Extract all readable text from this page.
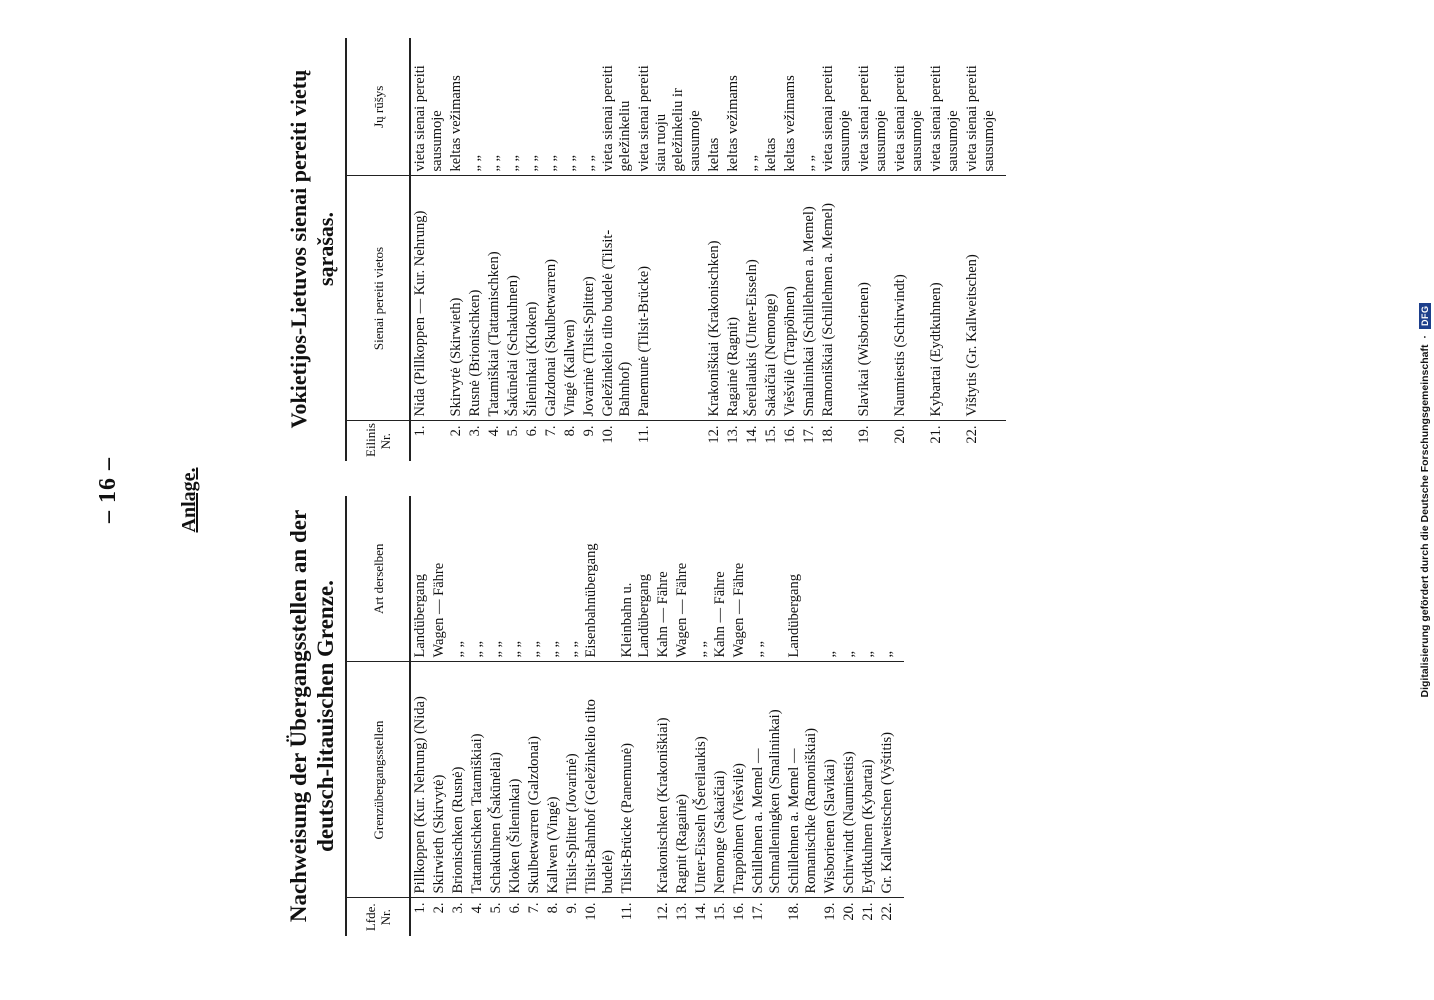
– 16 –	Anlage.
Nachweisung der Übergangsstellen an der deutsch-litauischen Grenze.
Lfde. Nr.	Grenzübergangsstellen	Art derselben
1.	Pillkoppen (Kur. Nehrung) (Nida)	Landübergang
2.	Skirwieth (Skirvytė)	Wagen — Fähre
3.	Brionischken (Rusnė)	„ „
4.	Tattamischken Tatamiškiai)	„ „
5.	Schakuhnen (Šakūnėlai)	„ „
6.	Kloken (Šileninkai)	„ „
7.	Skulbetwarren (Galzdonai)	„ „
8.	Kallwen (Vingė)	„ „
9.	Tilsit-Splitter (Jovarinė)	„ „
10.	Tilsit-Bahnhof (Geležinkelio tilto budelė)	Eisenbahnübergang
11.	Tilsit-Brücke (Panemunė)	Kleinbahn u. Landübergang
12.	Krakonischken (Krakoniškiai)	Kahn — Fähre
13.	Ragnit (Ragainė)	Wagen — Fähre
14.	Unter-Eisseln (Šereilaukis)	„ „
15.	Nemonge (Sakaičiai)	Kahn — Fähre
16.	Trappöhnen (Viešvilė)	Wagen — Fähre
17.	Schillehnen a. Memel — Schmalleningken (Smalininkai)	„ „
18.	Schillehnen a. Memel — Romanischke (Ramoniškiai)	Landübergang
19.	Wisborienen (Slavikai)	„
20.	Schirwindt (Naumiestis)	„
21.	Eydtkuhnen (Kybartai)	„
22.	Gr. Kallweitschen (Vyštitis)	„
Vokietijos-Lietuvos sienai pereiti vietų sąrašas.
Eilinis Nr.	Sienai pereiti vietos	Jų rūšys
1.	Nida (Pillkoppen — Kur. Nehrung)	vieta sienai pereiti sausumoje
2.	Skirvytė (Skirwieth)	keltas vežimams
3.	Rusnė (Brionischken)	„ „
4.	Tatamiškiai (Tattamischken)	„ „
5.	Šakūnėlai (Schakuhnen)	„ „
6.	Šileninkai (Kloken)	„ „
7.	Galzdonai (Skulbetwarren)	„ „
8.	Vingė (Kallwen)	„ „
9.	Jovarinė (Tilsit-Splitter)	„ „
10.	Geležinkelio tilto budelė (Tilsit-Bahnhof)	vieta sienai pereiti geležinkeliu
11.	Panemunė (Tilsit-Brücke)	vieta sienai pereiti siau ruoju geležinkeliu ir sausumoje
12.	Krakoniškiai (Krakonischken)	keltas
13.	Ragainė (Ragnit)	keltas vežimams
14.	Šereilaukis (Unter-Eisseln)	„ „
15.	Sakaičiai (Nemonge)	keltas
16.	Viešvilė (Trappöhnen)	keltas vežimams
17.	Smalininkai (Schillehnen a. Memel)	„ „
18.	Ramoniškiai (Schillehnen a. Memel)	vieta sienai pereiti sausumoje
19.	Slavikai (Wisborienen)	vieta sienai pereiti sausumoje
20.	Naumiestis (Schirwindt)	vieta sienai pereiti sausumoje
21.	Kybartai (Eydtkuhnen)	vieta sienai pereiti sausumoje
22.	Vištytis (Gr. Kallweitschen)	vieta sienai pereiti sausumoje
Digitalisierung gefördert durch die Deutsche Forschungsgemeinschaft
·
DFG
